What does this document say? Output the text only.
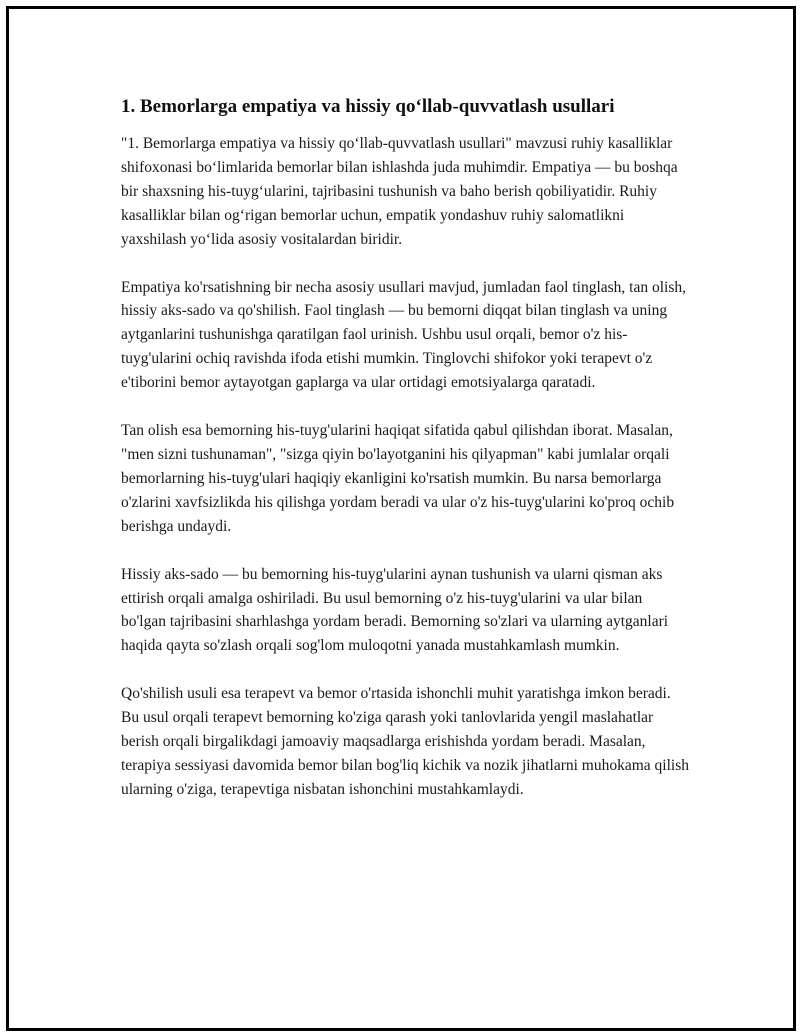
1. Bemorlarga empatiya va hissiy qo‘llab-quvvatlash usullari

"1. Bemorlarga empatiya va hissiy qo‘llab-quvvatlash usullari" mavzusi ruhiy kasalliklar shifoxonasi bo‘limlarida bemorlar bilan ishlashda juda muhimdir. Empatiya — bu boshqa bir shaxsning his-tuyg‘ularini, tajribasini tushunish va baho berish qobiliyatidir. Ruhiy kasalliklar bilan og‘rigan bemorlar uchun, empatik yondashuv ruhiy salomatlikni yaxshilash yo‘lida asosiy vositalardan biridir.

Empatiya ko'rsatishning bir necha asosiy usullari mavjud, jumladan faol tinglash, tan olish, hissiy aks-sado va qo'shilish. Faol tinglash — bu bemorni diqqat bilan tinglash va uning aytganlarini tushunishga qaratilgan faol urinish. Ushbu usul orqali, bemor o'z his-tuyg'ularini ochiq ravishda ifoda etishi mumkin. Tinglovchi shifokor yoki terapevt o'z e'tiborini bemor aytayotgan gaplarga va ular ortidagi emotsiyalarga qaratadi.

Tan olish esa bemorning his-tuyg'ularini haqiqat sifatida qabul qilishdan iborat. Masalan, "men sizni tushunaman", "sizga qiyin bo'layotganini his qilyapman" kabi jumlalar orqali bemorlarning his-tuyg'ulari haqiqiy ekanligini ko'rsatish mumkin. Bu narsa bemorlarga o'zlarini xavfsizlikda his qilishga yordam beradi va ular o'z his-tuyg'ularini ko'proq ochib berishga undaydi.

Hissiy aks-sado — bu bemorning his-tuyg'ularini aynan tushunish va ularni qisman aks ettirish orqali amalga oshiriladi. Bu usul bemorning o'z his-tuyg'ularini va ular bilan bo'lgan tajribasini sharhlashga yordam beradi. Bemorning so'zlari va ularning aytganlari haqida qayta so'zlash orqali sog'lom muloqotni yanada mustahkamlash mumkin.

Qo'shilish usuli esa terapevt va bemor o'rtasida ishonchli muhit yaratishga imkon beradi. Bu usul orqali terapevt bemorning ko'ziga qarash yoki tanlovlarida yengil maslahatlar berish orqali birgalikdagi jamoaviy maqsadlarga erishishda yordam beradi. Masalan, terapiya sessiyasi davomida bemor bilan bog'liq kichik va nozik jihatlarni muhokama qilish ularning o'ziga, terapevtiga nisbatan ishonchini mustahkamlaydi.
